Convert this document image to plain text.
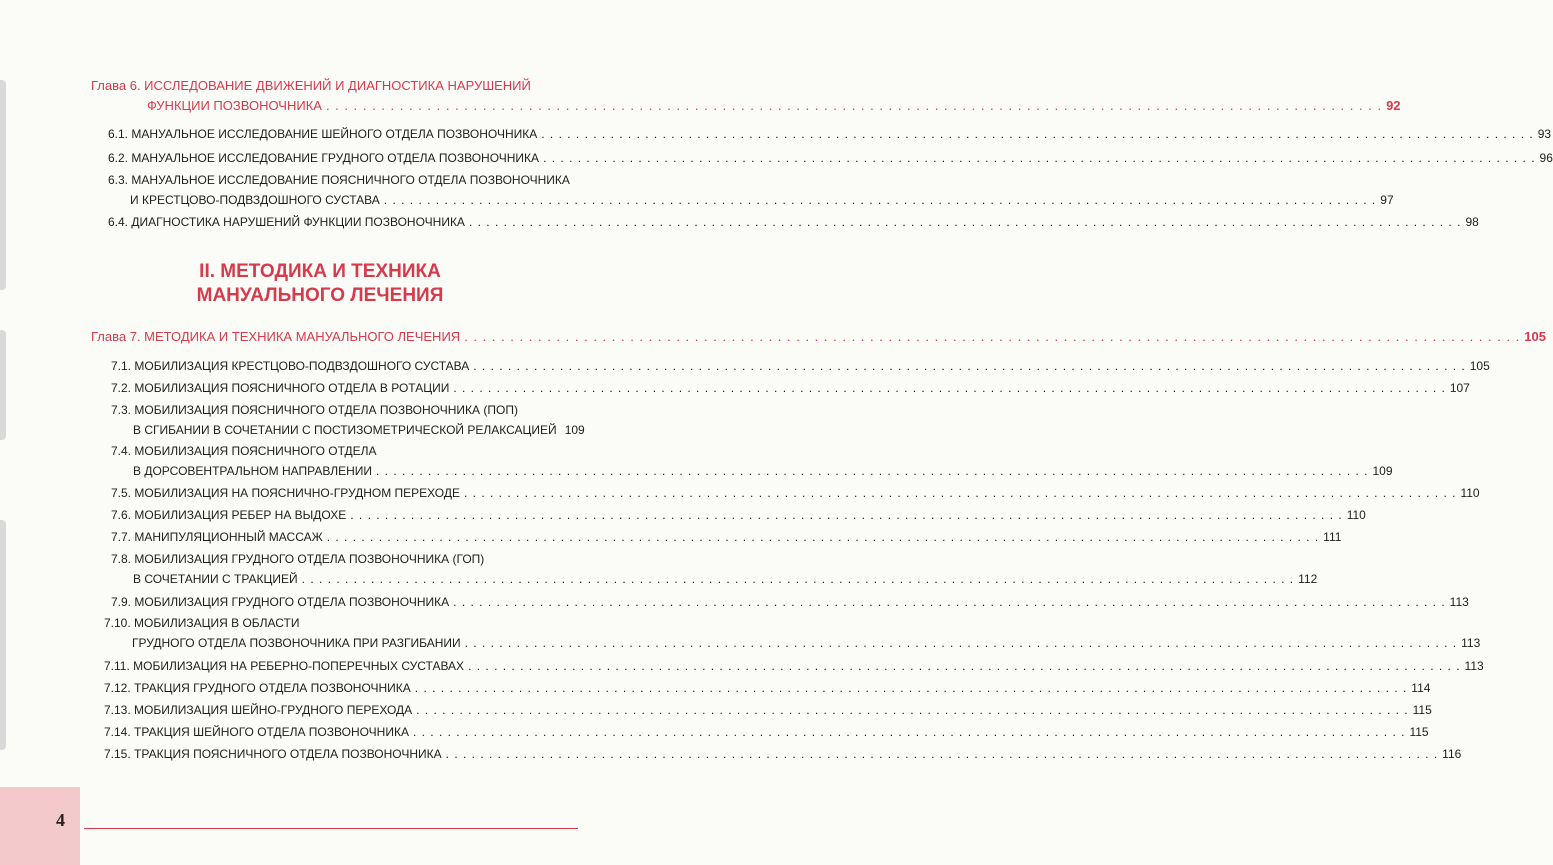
Глава 6. ИССЛЕДОВАНИЕ ДВИЖЕНИЙ И ДИАГНОСТИКА НАРУШЕНИЙ
ФУНКЦИИ ПОЗВОНОЧНИКА . . .	92
6.1. МАНУАЛЬНОЕ ИССЛЕДОВАНИЕ ШЕЙНОГО ОТДЕЛА ПОЗВОНОЧНИКА . . .	93
6.2. МАНУАЛЬНОЕ ИССЛЕДОВАНИЕ ГРУДНОГО ОТДЕЛА ПОЗВОНОЧНИКА . . .	96
6.3. МАНУАЛЬНОЕ ИССЛЕДОВАНИЕ ПОЯСНИЧНОГО ОТДЕЛА ПОЗВОНОЧНИКА
И КРЕСТЦОВО-ПОДВЗДОШНОГО СУСТАВА . . .	97
6.4. ДИАГНОСТИКА НАРУШЕНИЙ ФУНКЦИИ ПОЗВОНОЧНИКА . . .	98
II. МЕТОДИКА И ТЕХНИКА
МАНУАЛЬНОГО ЛЕЧЕНИЯ
Глава 7. МЕТОДИКА И ТЕХНИКА МАНУАЛЬНОГО ЛЕЧЕНИЯ . . .	105
7.1. МОБИЛИЗАЦИЯ КРЕСТЦОВО-ПОДВЗДОШНОГО СУСТАВА . . .	105
7.2. МОБИЛИЗАЦИЯ ПОЯСНИЧНОГО ОТДЕЛА В РОТАЦИИ . . .	107
7.3. МОБИЛИЗАЦИЯ ПОЯСНИЧНОГО ОТДЕЛА ПОЗВОНОЧНИКА (ПОП)
В СГИБАНИИ В СОЧЕТАНИИ С ПОСТИЗОМЕТРИЧЕСКОЙ РЕЛАКСАЦИЕЙ 109
7.4. МОБИЛИЗАЦИЯ ПОЯСНИЧНОГО ОТДЕЛА
В ДОРСОВЕНТРАЛЬНОМ НАПРАВЛЕНИИ . . .	109
7.5. МОБИЛИЗАЦИЯ НА ПОЯСНИЧНО-ГРУДНОМ ПЕРЕХОДЕ . . .	110
7.6. МОБИЛИЗАЦИЯ РЕБЕР НА ВЫДОХЕ . . .	110
7.7. МАНИПУЛЯЦИОННЫЙ МАССАЖ . . .	111
7.8. МОБИЛИЗАЦИЯ ГРУДНОГО ОТДЕЛА ПОЗВОНОЧНИКА (ГОП)
В СОЧЕТАНИИ С ТРАКЦИЕЙ . . .	112
7.9. МОБИЛИЗАЦИЯ ГРУДНОГО ОТДЕЛА ПОЗВОНОЧНИКА . . .	113
7.10. МОБИЛИЗАЦИЯ В ОБЛАСТИ
ГРУДНОГО ОТДЕЛА ПОЗВОНОЧНИКА ПРИ РАЗГИБАНИИ . . .	113
7.11. МОБИЛИЗАЦИЯ НА РЕБЕРНО-ПОПЕРЕЧНЫХ СУСТАВАХ . . .	113
7.12. ТРАКЦИЯ ГРУДНОГО ОТДЕЛА ПОЗВОНОЧНИКА . . .	114
7.13. МОБИЛИЗАЦИЯ ШЕЙНО-ГРУДНОГО ПЕРЕХОДА . . .	115
7.14. ТРАКЦИЯ ШЕЙНОГО ОТДЕЛА ПОЗВОНОЧНИКА . . .	115
7.15. ТРАКЦИЯ ПОЯСНИЧНОГО ОТДЕЛА ПОЗВОНОЧНИКА . . .	116
4
